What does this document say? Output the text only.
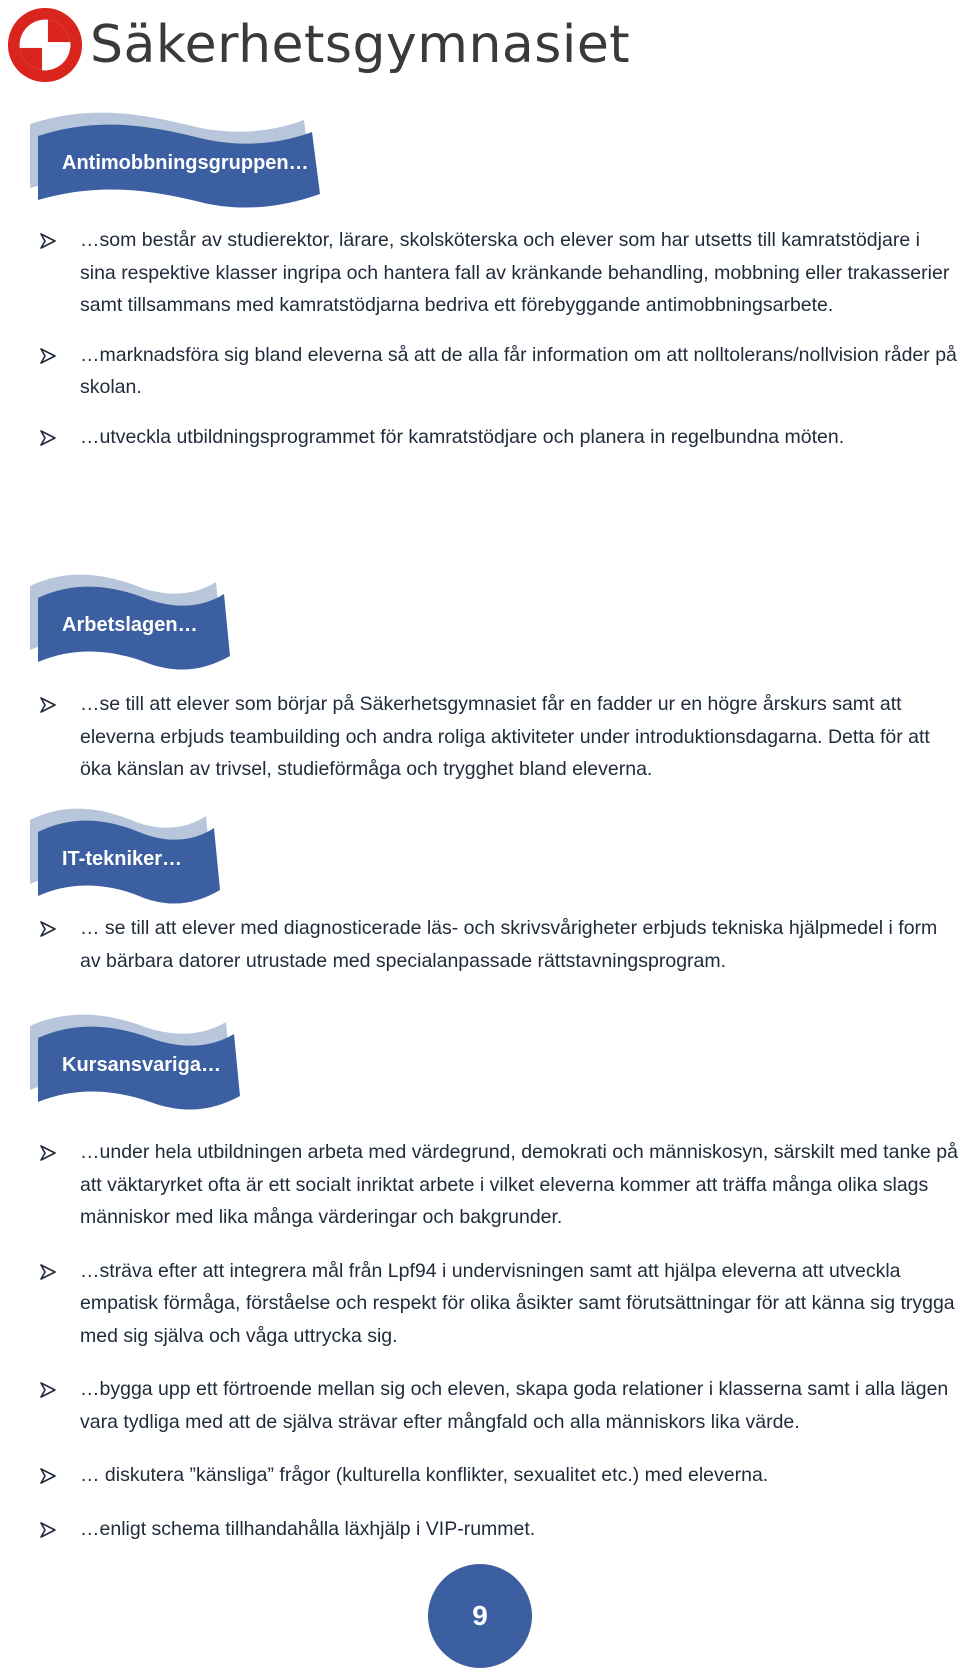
Säkerhetsgymnasiet
Antimobbningsgruppen…
…som består av studierektor, lärare, skolsköterska och elever som har utsetts till kamratstödjare i sina respektive klasser ingripa och hantera fall av kränkande behandling, mobbning eller trakasserier samt tillsammans med kamratstödjarna bedriva ett förebyggande antimobbningsarbete.
…marknadsföra sig bland eleverna så att de alla får information om att nolltolerans/nollvision råder på skolan.
…utveckla utbildningsprogrammet för kamratstödjare och planera in regelbundna möten.
Arbetslagen…
…se till att elever som börjar på Säkerhetsgymnasiet får en fadder ur en högre årskurs samt att eleverna erbjuds teambuilding och andra roliga aktiviteter under introduktionsdagarna. Detta för att öka känslan av trivsel, studieförmåga och trygghet bland eleverna.
IT-tekniker…
… se till att elever med diagnosticerade läs- och skrivsvårigheter erbjuds tekniska hjälpmedel i form av bärbara datorer utrustade med specialanpassade rättstavningsprogram.
Kursansvariga…
…under hela utbildningen arbeta med värdegrund, demokrati och människosyn, särskilt med tanke på att väktaryrket ofta är ett socialt inriktat arbete i vilket eleverna kommer att träffa många olika slags människor med lika många värderingar och bakgrunder.
…sträva efter att integrera mål från Lpf94 i undervisningen samt att hjälpa eleverna att utveckla empatisk förmåga, förståelse och respekt för olika åsikter samt förutsättningar för att känna sig trygga med sig själva och våga uttrycka sig.
…bygga upp ett förtroende mellan sig och eleven, skapa goda relationer i klasserna samt i alla lägen vara tydliga med att de själva strävar efter mångfald och alla människors lika värde.
… diskutera ”känsliga” frågor (kulturella konflikter, sexualitet etc.) med eleverna.
…enligt schema tillhandahålla läxhjälp i VIP-rummet.
9
